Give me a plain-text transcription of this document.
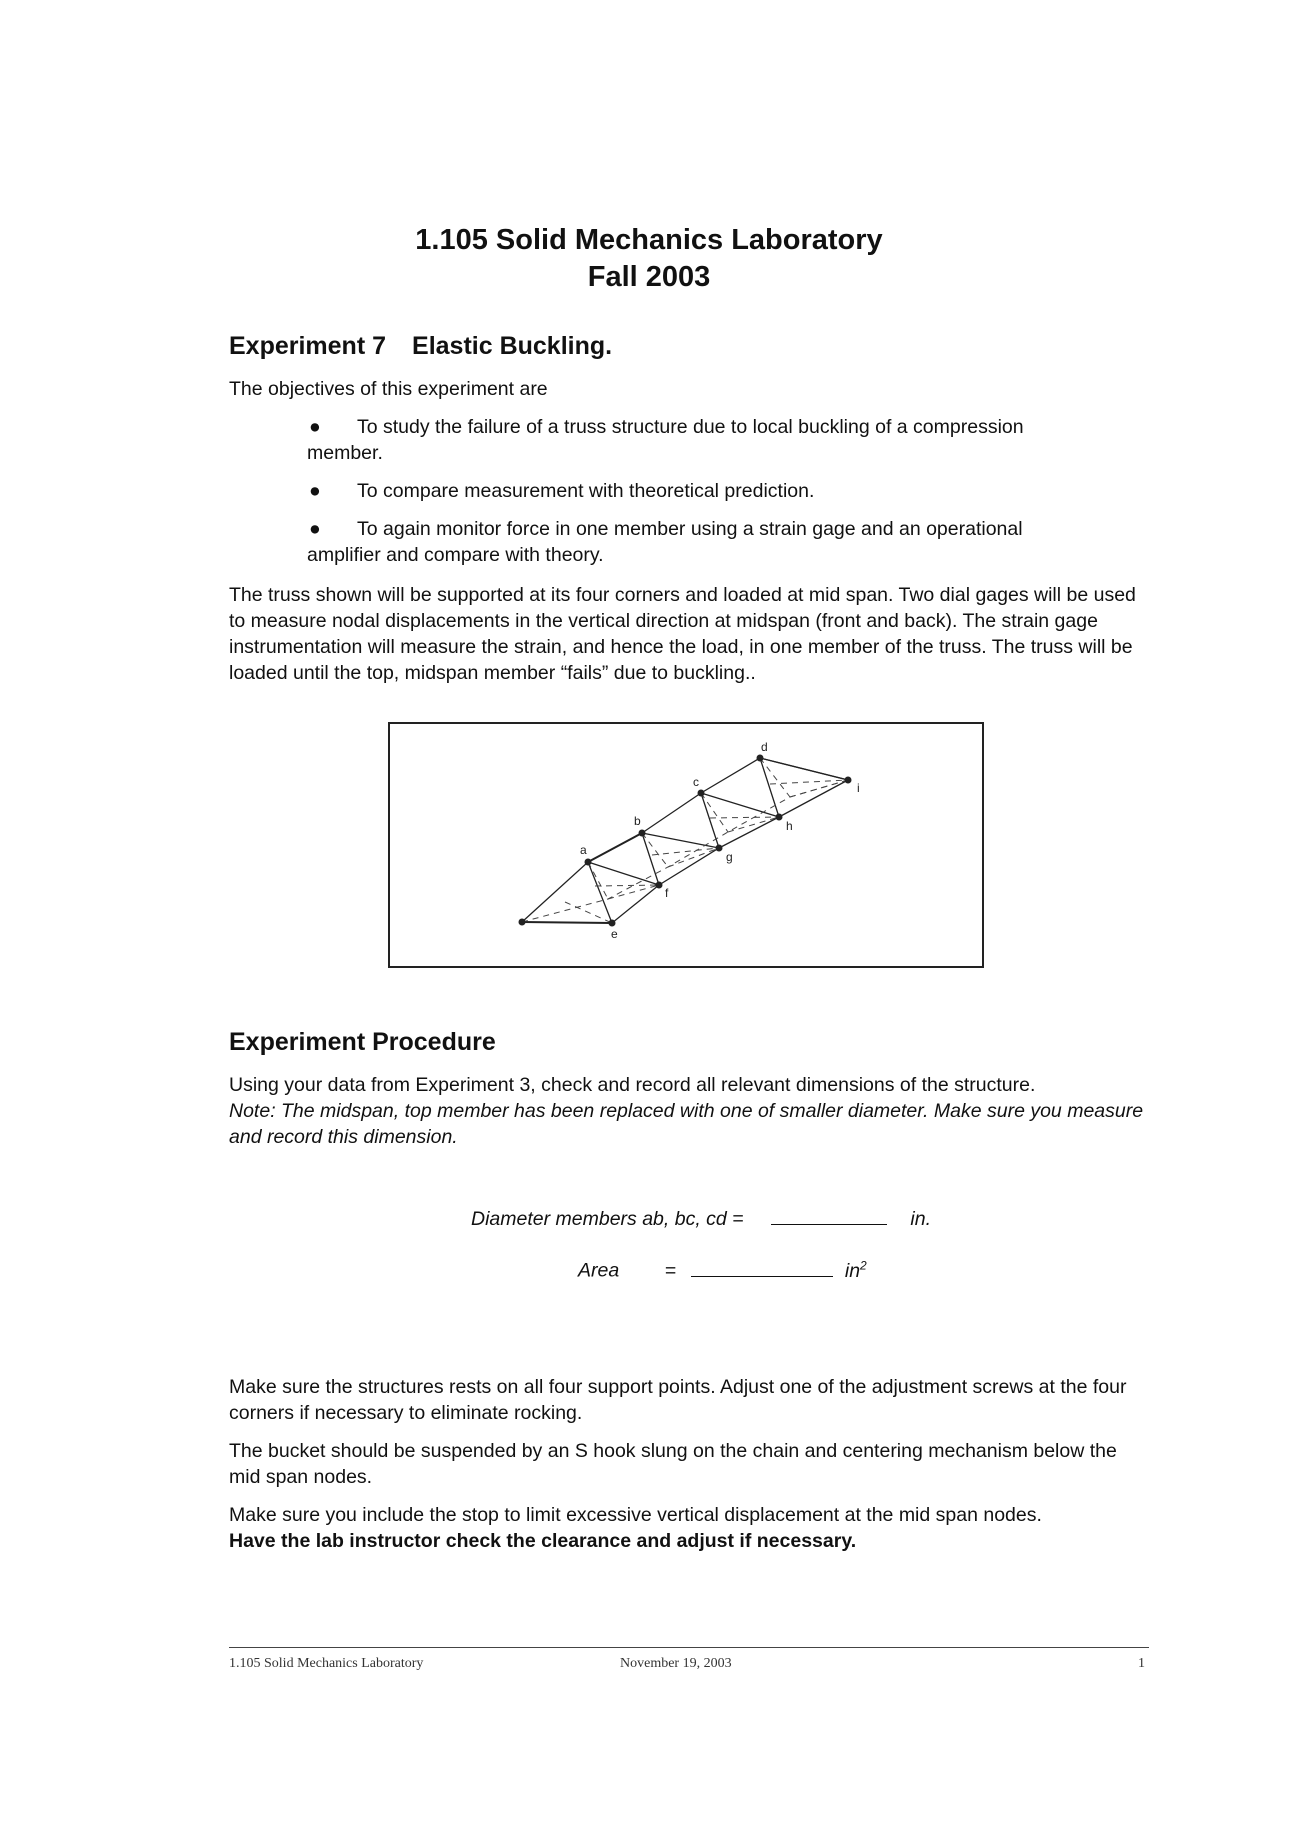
1.105 Solid Mechanics Laboratory
Fall 2003
Experiment 7 Elastic Buckling.

The objectives of this experiment are

● To study the failure of a truss structure due to local buckling of a compression member.
● To compare measurement with theoretical prediction.
● To again monitor force in one member using a strain gage and an operational amplifier and compare with theory.

The truss shown will be supported at its four corners and loaded at mid span. Two dial gages will be used to measure nodal displacements in the vertical direction at midspan (front and back). The strain gage instrumentation will measure the strain, and hence the load, in one member of the truss. The truss will be loaded until the top, midspan member “fails” due to buckling..

a
b
c
d
e
f
g
h
i
Experiment Procedure

Using your data from Experiment 3, check and record all relevant dimensions of the structure.

Note: The midspan, top member has been replaced with one of smaller diameter. Make sure you measure and record this dimension.

Diameter members ab, bc, cd =	in.
Area =	$in^2$

Make sure the structures rests on all four support points. Adjust one of the adjustment screws at the four corners if necessary to eliminate rocking.

The bucket should be suspended by an S hook slung on the chain and centering mechanism below the mid span nodes.

Make sure you include the stop to limit excessive vertical displacement at the mid span nodes.
Have the lab instructor check the clearance and adjust if necessary.

1.105 Solid Mechanics Laboratory	November 19, 2003	1
